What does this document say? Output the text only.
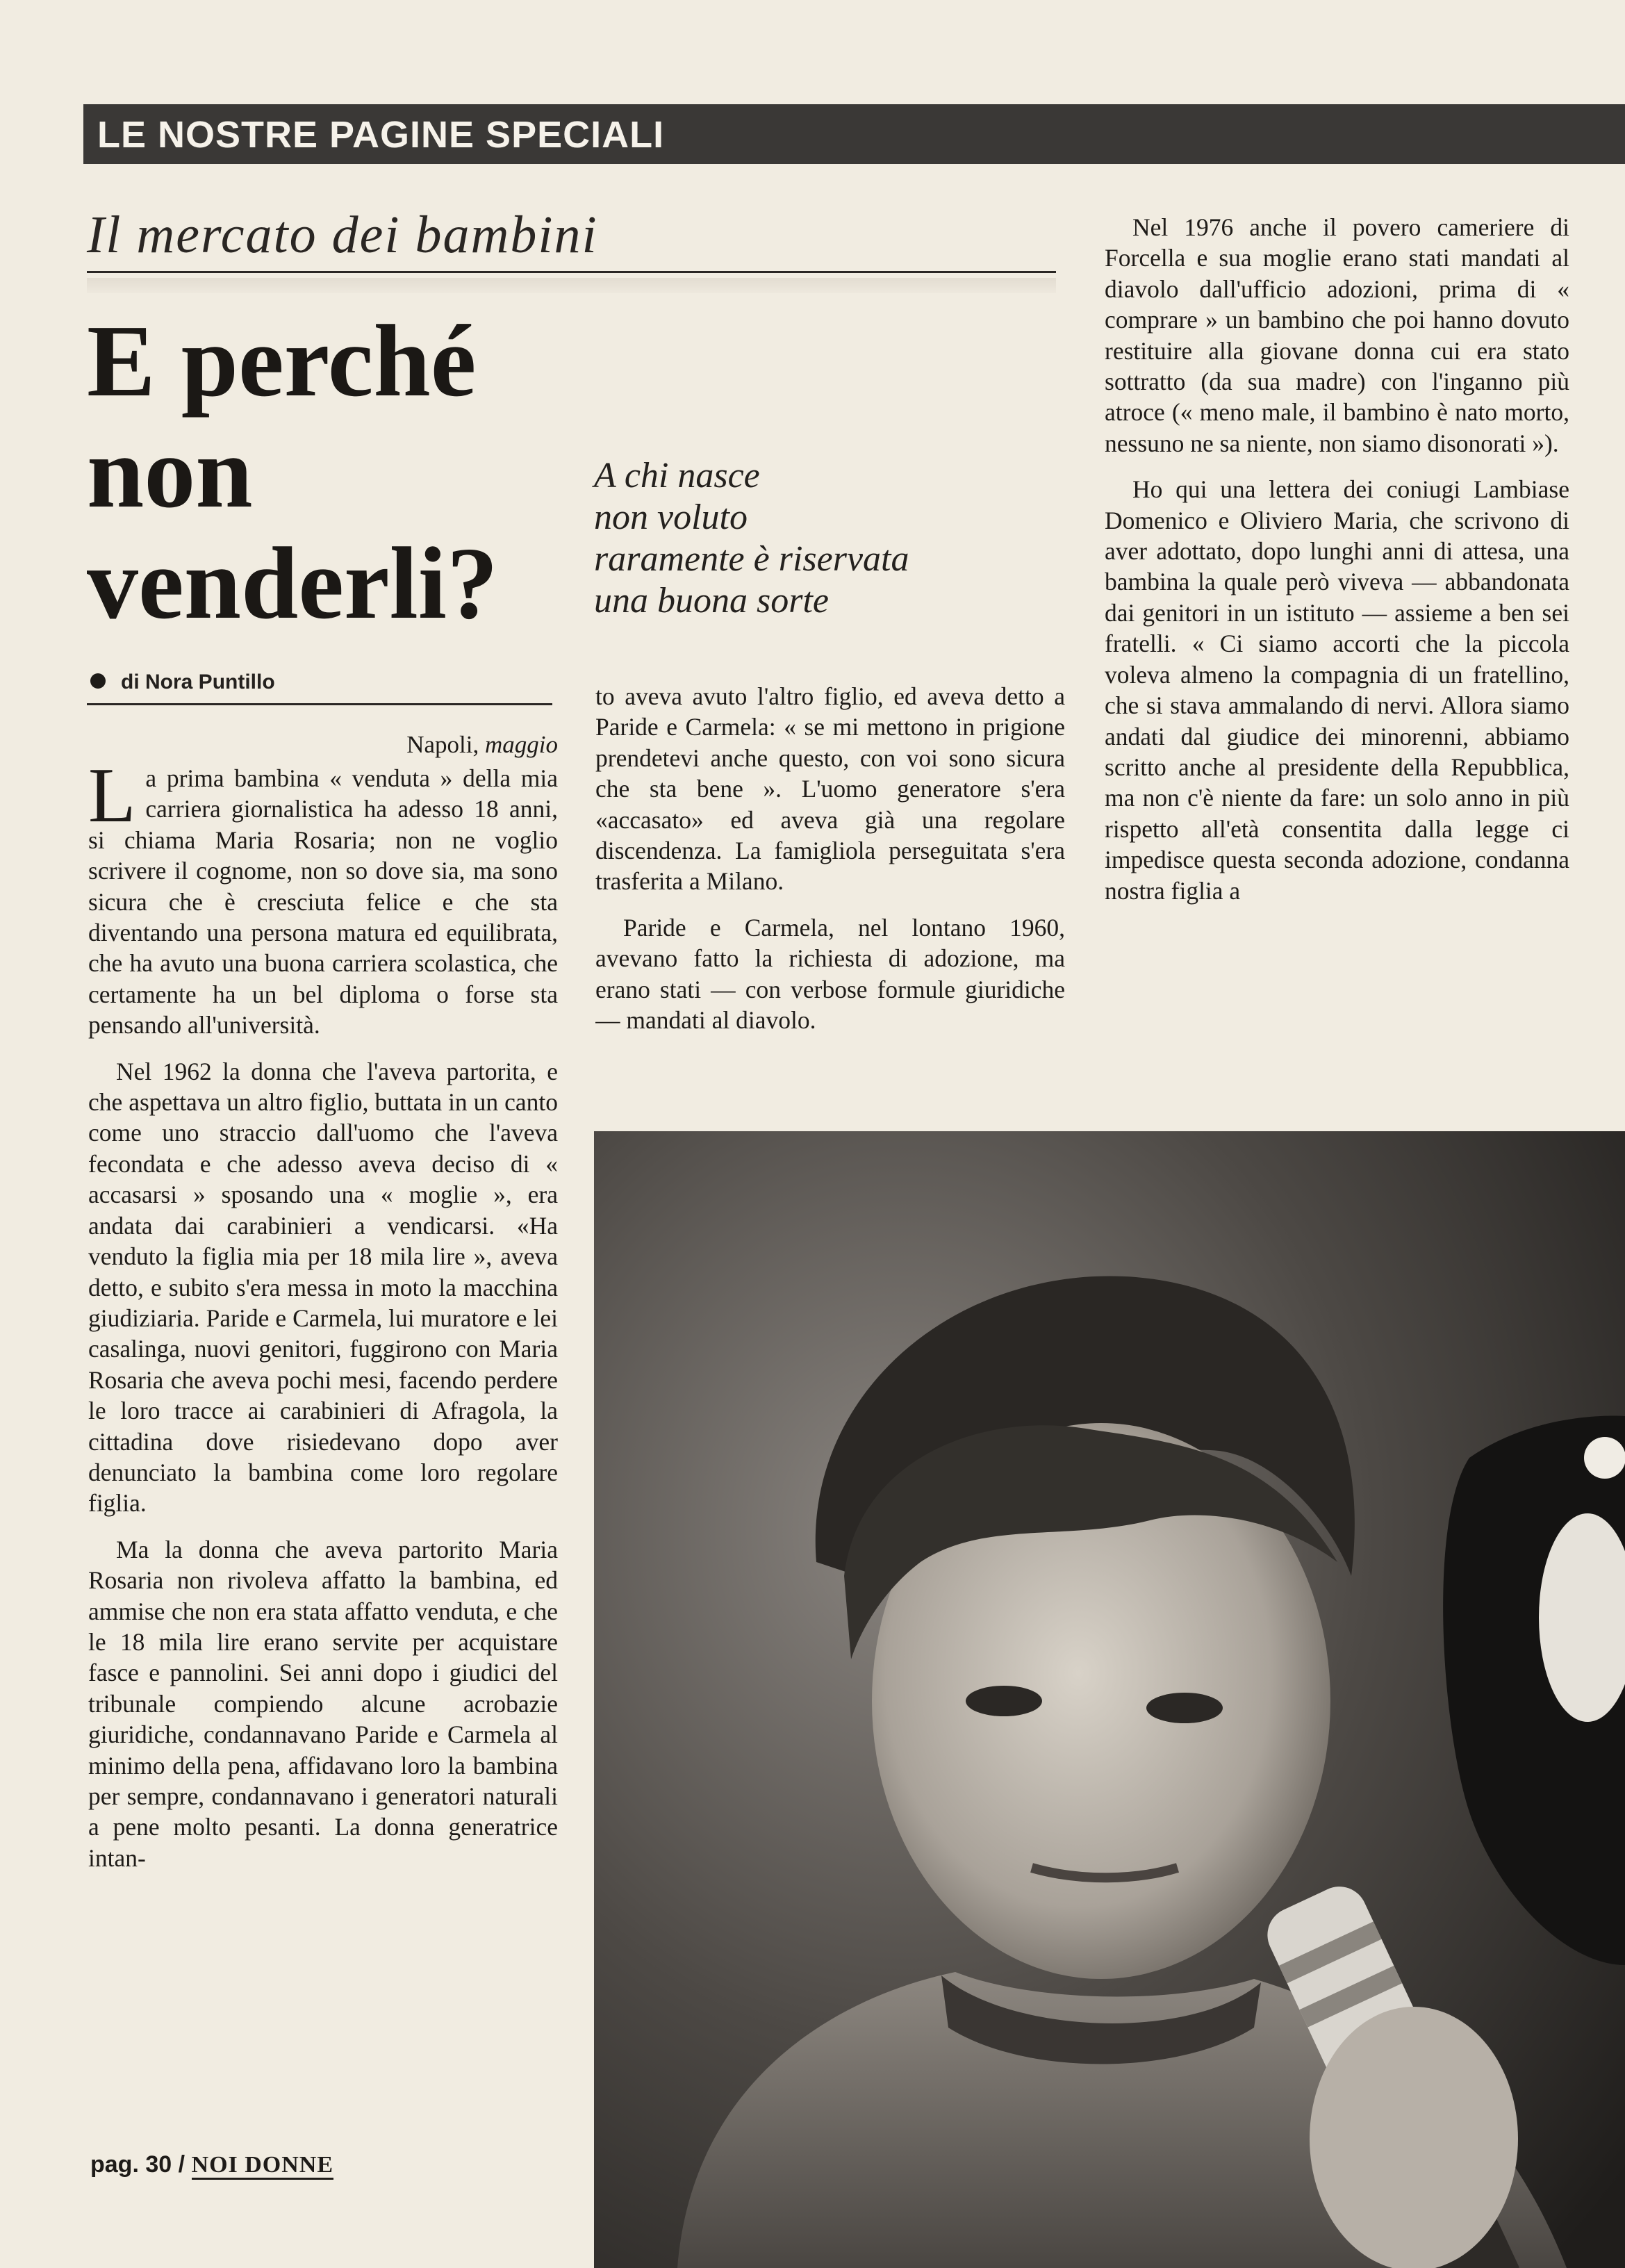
LE NOSTRE PAGINE SPECIALI
Il mercato dei bambini
E perché
non
venderli?
A chi nasce
non voluto
raramente è riservata
una buona sorte
di Nora Puntillo
Napoli, maggio

La prima bambina « venduta » della mia carriera giornalistica ha adesso 18 anni, si chiama Maria Rosaria; non ne voglio scrivere il cognome, non so dove sia, ma sono sicura che è cresciuta felice e che sta diventando una persona matura ed equilibrata, che ha avuto una buona carriera scolastica, che certamente ha un bel diploma o forse sta pensando all'università.

Nel 1962 la donna che l'aveva partorita, e che aspettava un altro figlio, buttata in un canto come uno straccio dall'uomo che l'aveva fecondata e che adesso aveva deciso di « accasarsi » sposando una « moglie », era andata dai carabinieri a vendicarsi. «Ha venduto la figlia mia per 18 mila lire », aveva detto, e subito s'era messa in moto la macchina giudiziaria. Paride e Carmela, lui muratore e lei casalinga, nuovi genitori, fuggirono con Maria Rosaria che aveva pochi mesi, facendo perdere le loro tracce ai carabinieri di Afragola, la cittadina dove risiedevano dopo aver denunciato la bambina come loro regolare figlia.

Ma la donna che aveva partorito Maria Rosaria non rivoleva affatto la bambina, ed ammise che non era stata affatto venduta, e che le 18 mila lire erano servite per acquistare fasce e pannolini. Sei anni dopo i giudici del tribunale compiendo alcune acrobazie giuridiche, condannavano Paride e Carmela al minimo della pena, affidavano loro la bambina per sempre, condannavano i generatori naturali a pene molto pesanti. La donna generatrice intan-

to aveva avuto l'altro figlio, ed aveva detto a Paride e Carmela: « se mi mettono in prigione prendetevi anche questo, con voi sono sicura che sta bene ». L'uomo generatore s'era «accasato» ed aveva già una regolare discendenza. La famigliola perseguitata s'era trasferita a Milano.

Paride e Carmela, nel lontano 1960, avevano fatto la richiesta di adozione, ma erano stati — con verbose formule giuridiche — mandati al diavolo.

Nel 1976 anche il povero cameriere di Forcella e sua moglie erano stati mandati al diavolo dall'ufficio adozioni, prima di « comprare » un bambino che poi hanno dovuto restituire alla giovane donna cui era stato sottratto (da sua madre) con l'inganno più atroce (« meno male, il bambino è nato morto, nessuno ne sa niente, non siamo disonorati »).

Ho qui una lettera dei coniugi Lambiase Domenico e Oliviero Maria, che scrivono di aver adottato, dopo lunghi anni di attesa, una bambina la quale però viveva — abbandonata dai genitori in un istituto — assieme a ben sei fratelli. « Ci siamo accorti che la piccola voleva almeno la compagnia di un fratellino, che si stava ammalando di nervi. Allora siamo andati dal giudice dei minorenni, abbiamo scritto anche al presidente della Repubblica, ma non c'è niente da fare: un solo anno in più rispetto all'età consentita dalla legge ci impedisce questa seconda adozione, condanna nostra figlia a

pag. 30 / NOI DONNE
